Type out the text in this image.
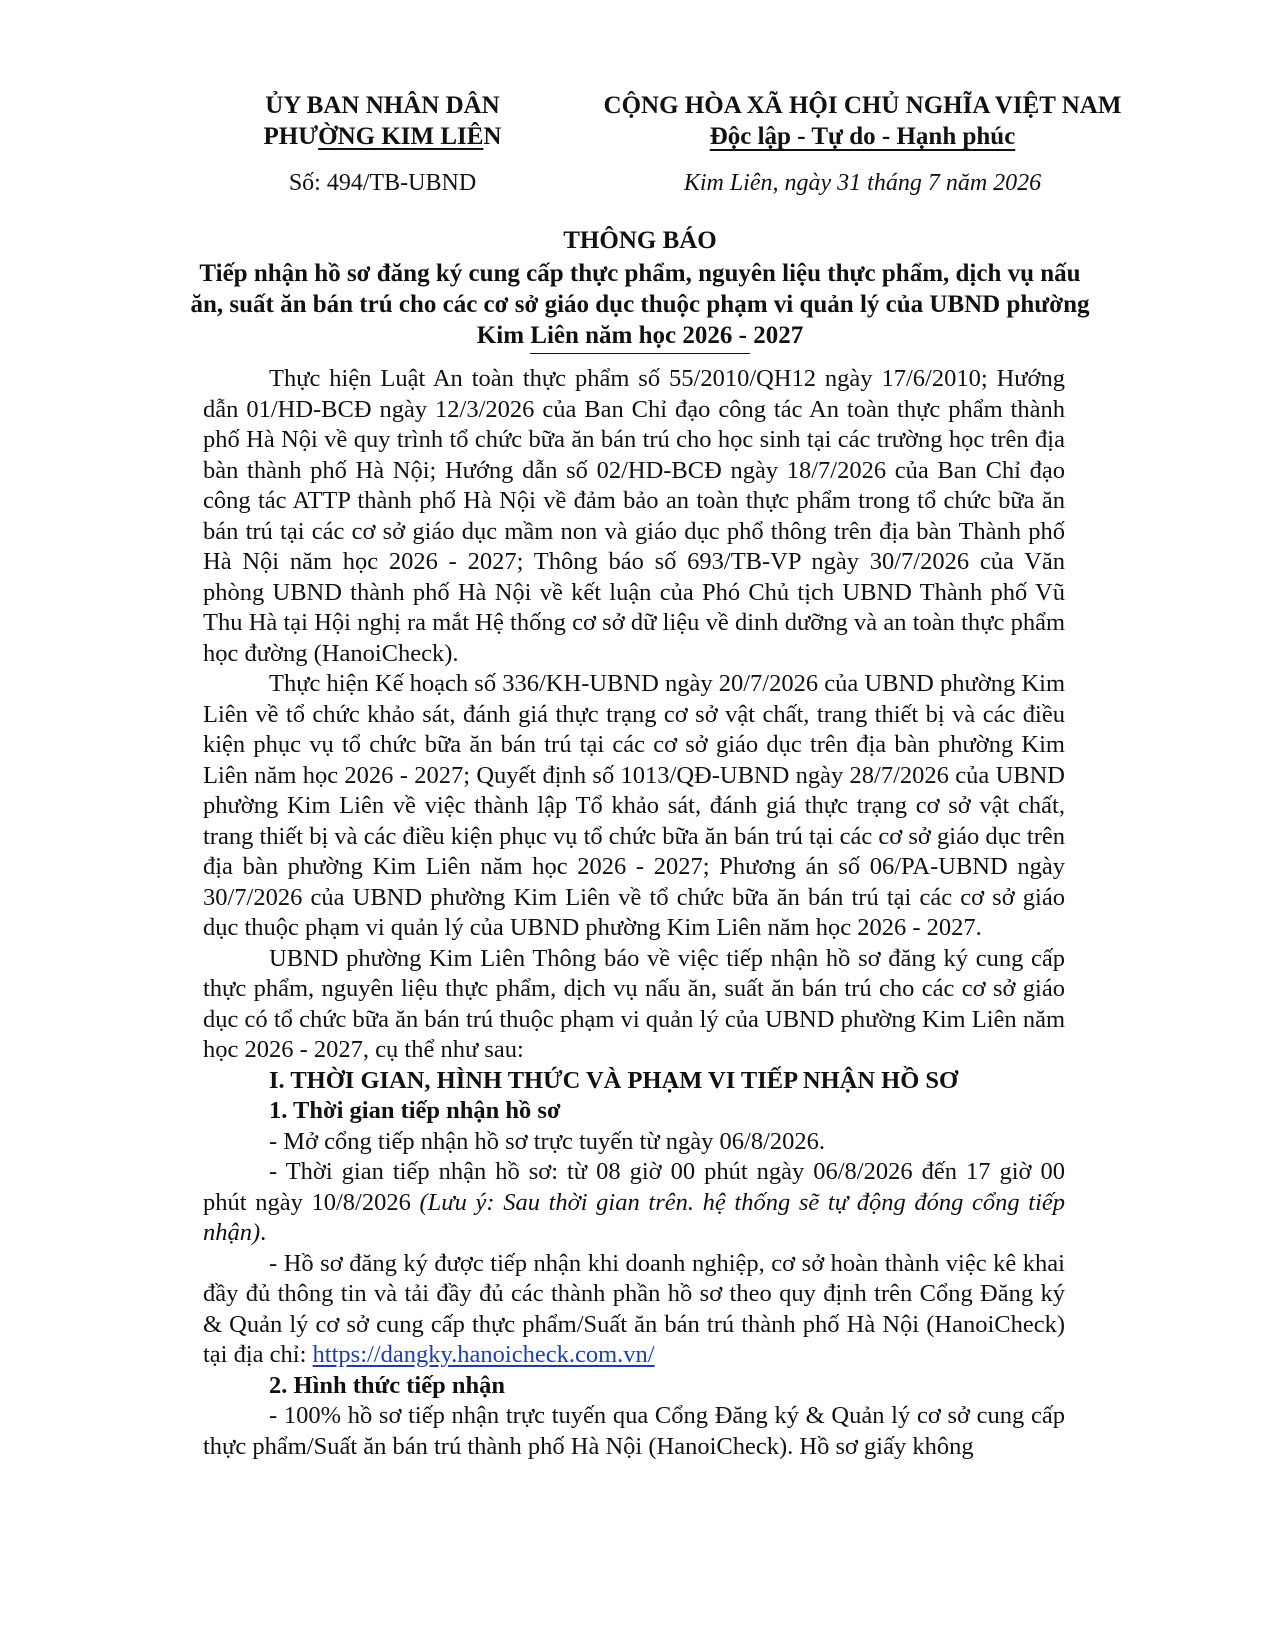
ỦY BAN NHÂN DÂN
PHƯỜNG KIM LIÊN
CỘNG HÒA XÃ HỘI CHỦ NGHĨA VIỆT NAM
Độc lập - Tự do - Hạnh phúc
Số: 494/TB-UBND	Kim Liên, ngày 31 tháng 7 năm 2026
THÔNG BÁO
Tiếp nhận hồ sơ đăng ký cung cấp thực phẩm, nguyên liệu thực phẩm, dịch vụ nấu ăn, suất ăn bán trú cho các cơ sở giáo dục thuộc phạm vi quản lý của UBND phường Kim Liên năm học 2026 - 2027

Thực hiện Luật An toàn thực phẩm số 55/2010/QH12 ngày 17/6/2010; Hướng dẫn 01/HD-BCĐ ngày 12/3/2026 của Ban Chỉ đạo công tác An toàn thực phẩm thành phố Hà Nội về quy trình tổ chức bữa ăn bán trú cho học sinh tại các trường học trên địa bàn thành phố Hà Nội; Hướng dẫn số 02/HD-BCĐ ngày 18/7/2026 của Ban Chỉ đạo công tác ATTP thành phố Hà Nội về đảm bảo an toàn thực phẩm trong tổ chức bữa ăn bán trú tại các cơ sở giáo dục mầm non và giáo dục phổ thông trên địa bàn Thành phố Hà Nội năm học 2026 - 2027; Thông báo số 693/TB-VP ngày 30/7/2026 của Văn phòng UBND thành phố Hà Nội về kết luận của Phó Chủ tịch UBND Thành phố Vũ Thu Hà tại Hội nghị ra mắt Hệ thống cơ sở dữ liệu về dinh dưỡng và an toàn thực phẩm học đường (HanoiCheck).

Thực hiện Kế hoạch số 336/KH-UBND ngày 20/7/2026 của UBND phường Kim Liên về tổ chức khảo sát, đánh giá thực trạng cơ sở vật chất, trang thiết bị và các điều kiện phục vụ tổ chức bữa ăn bán trú tại các cơ sở giáo dục trên địa bàn phường Kim Liên năm học 2026 - 2027; Quyết định số 1013/QĐ-UBND ngày 28/7/2026 của UBND phường Kim Liên về việc thành lập Tổ khảo sát, đánh giá thực trạng cơ sở vật chất, trang thiết bị và các điều kiện phục vụ tổ chức bữa ăn bán trú tại các cơ sở giáo dục trên địa bàn phường Kim Liên năm học 2026 - 2027; Phương án số 06/PA-UBND ngày 30/7/2026 của UBND phường Kim Liên về tổ chức bữa ăn bán trú tại các cơ sở giáo dục thuộc phạm vi quản lý của UBND phường Kim Liên năm học 2026 - 2027.

UBND phường Kim Liên Thông báo về việc tiếp nhận hồ sơ đăng ký cung cấp thực phẩm, nguyên liệu thực phẩm, dịch vụ nấu ăn, suất ăn bán trú cho các cơ sở giáo dục có tổ chức bữa ăn bán trú thuộc phạm vi quản lý của UBND phường Kim Liên năm học 2026 - 2027, cụ thể như sau:

I. THỜI GIAN, HÌNH THỨC VÀ PHẠM VI TIẾP NHẬN HỒ SƠ

1. Thời gian tiếp nhận hồ sơ

- Mở cổng tiếp nhận hồ sơ trực tuyến từ ngày 06/8/2026.

- Thời gian tiếp nhận hồ sơ: từ 08 giờ 00 phút ngày 06/8/2026 đến 17 giờ 00 phút ngày 10/8/2026 (Lưu ý: Sau thời gian trên. hệ thống sẽ tự động đóng cổng tiếp nhận).

- Hồ sơ đăng ký được tiếp nhận khi doanh nghiệp, cơ sở hoàn thành việc kê khai đầy đủ thông tin và tải đầy đủ các thành phần hồ sơ theo quy định trên Cổng Đăng ký & Quản lý cơ sở cung cấp thực phẩm/Suất ăn bán trú thành phố Hà Nội (HanoiCheck) tại địa chỉ: https://dangky.hanoicheck.com.vn/

2. Hình thức tiếp nhận

- 100% hồ sơ tiếp nhận trực tuyến qua Cổng Đăng ký & Quản lý cơ sở cung cấp thực phẩm/Suất ăn bán trú thành phố Hà Nội (HanoiCheck). Hồ sơ giấy không
